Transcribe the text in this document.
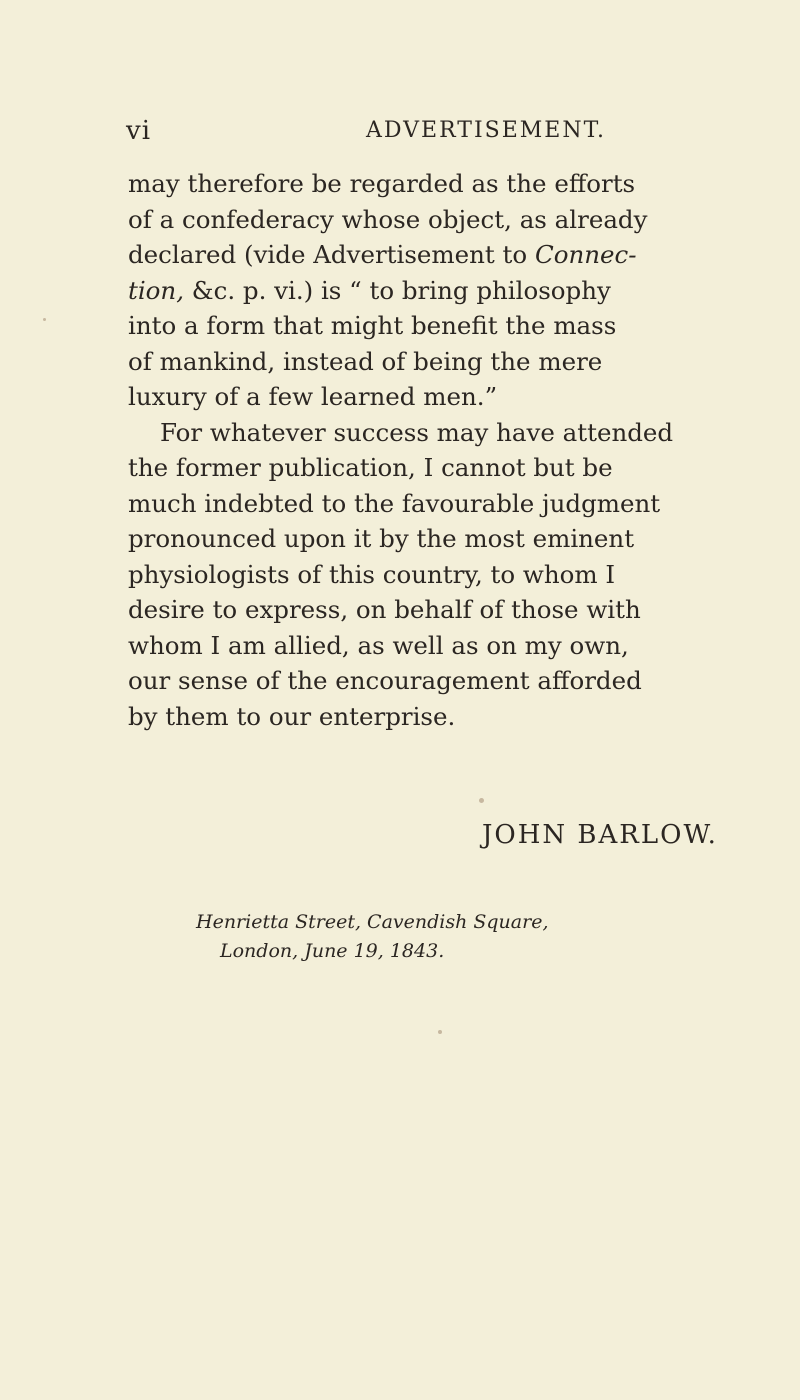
vi	ADVERTISEMENT.
may therefore be regarded as the efforts
of a confederacy whose object, as already
declared (vide Advertisement to Connec-
tion, &c. p. vi.) is “ to bring philosophy
into a form that might benefit the mass
of mankind, instead of being the mere
luxury of a few learned men.”
For whatever success may have attended
the former publication, I cannot but be
much indebted to the favourable judgment
pronounced upon it by the most eminent
physiologists of this country, to whom I
desire to express, on behalf of those with
whom I am allied, as well as on my own,
our sense of the encouragement afforded
by them to our enterprise.
JOHN BARLOW.
Henrietta Street, Cavendish Square,
London, June 19, 1843.
